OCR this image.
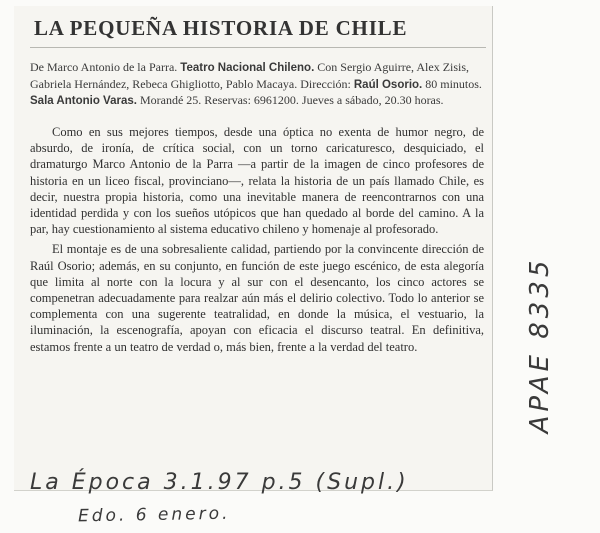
LA PEQUEÑA HISTORIA DE CHILE
De Marco Antonio de la Parra. Teatro Nacional Chileno. Con Sergio Aguirre, Alex Zisis, Gabriela Hernández, Rebeca Ghigliotto, Pablo Macaya. Dirección: Raúl Osorio. 80 minutos. Sala Antonio Varas. Morandé 25. Reservas: 6961200. Jueves a sábado, 20.30 horas.

Como en sus mejores tiempos, desde una óptica no exenta de humor negro, de absurdo, de ironía, de crítica social, con un torno caricaturesco, desquiciado, el dramaturgo Marco Antonio de la Parra —a partir de la imagen de cinco profesores de historia en un liceo fiscal, provinciano—, relata la historia de un país llamado Chile, es decir, nuestra propia historia, como una inevitable manera de reencontrarnos con una identidad perdida y con los sueños utópicos que han quedado al borde del camino. A la par, hay cuestionamiento al sistema educativo chileno y homenaje al profesorado.

El montaje es de una sobresaliente calidad, partiendo por la convincente dirección de Raúl Osorio; además, en su conjunto, en función de este juego escénico, de esta alegoría que limita al norte con la locura y al sur con el desencanto, los cinco actores se compenetran adecuadamente para realzar aún más el delirio colectivo. Todo lo anterior se complementa con una sugerente teatralidad, en donde la música, el vestuario, la iluminación, la escenografía, apoyan con eficacia el discurso teatral. En definitiva, estamos frente a un teatro de verdad o, más bien, frente a la verdad del teatro.

La Época 3.1.97 p.5 (Supl.)
Edo. 6 enero.
APAE 8335
